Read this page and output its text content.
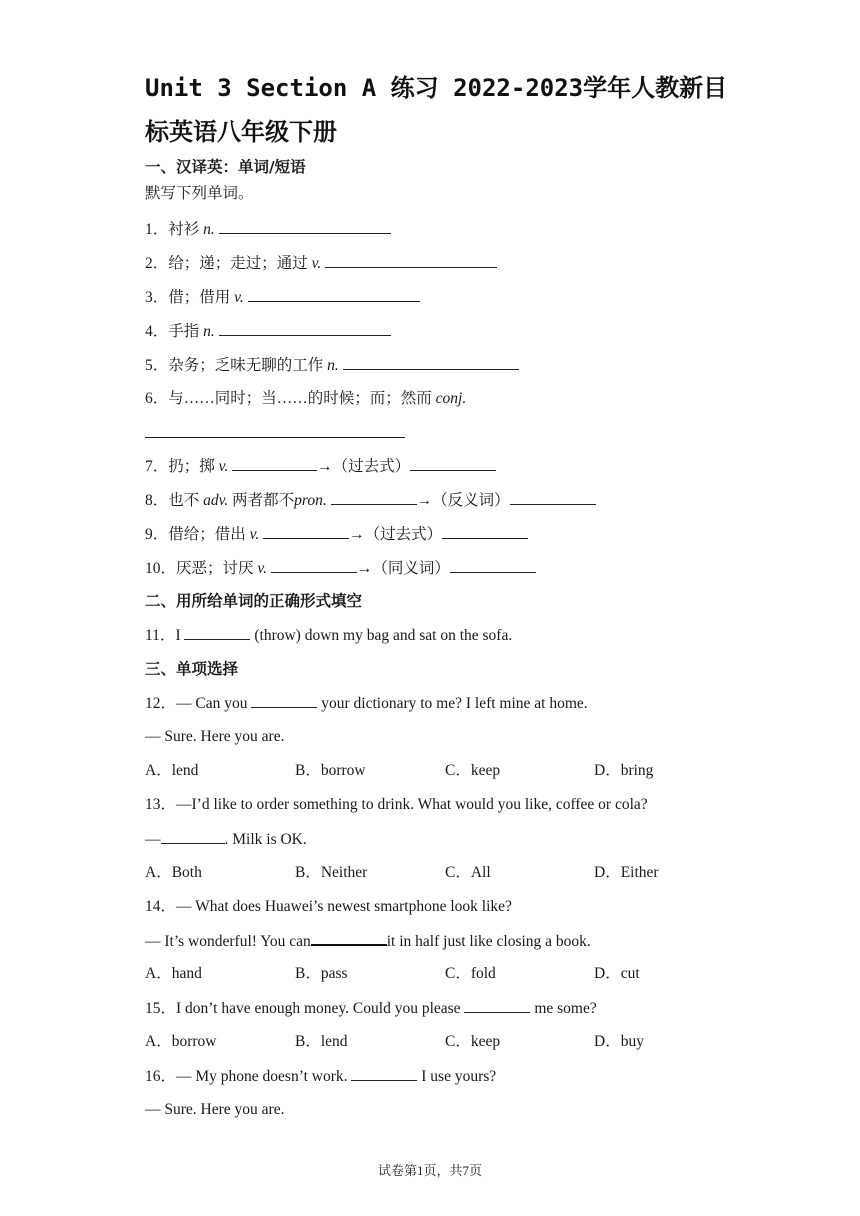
Unit 3 Section A 练习 2022-2023学年人教新目
标英语八年级下册
一、汉译英：单词/短语
默写下列单词。
1．衬衫 n.
2．给；递；走过；通过 v.
3．借；借用 v.
4．手指 n.
5．杂务；乏味无聊的工作 n.
6．与……同时；当……的时候；而；然而 conj.
7．扔；掷 v.	→（过去式）
8．也不 adv. 两者都不pron.	→（反义词）
9．借给；借出 v.	→（过去式）
10．厌恶；讨厌 v.	→（同义词）
二、用所给单词的正确形式填空
11．I	(throw) down my bag and sat on the sofa.
三、单项选择
12．— Can you	your dictionary to me? I left mine at home.
— Sure. Here you are.
A．lend	B．borrow	C．keep	D．bring
13．—I’d like to order something to drink. What would you like, coffee or cola?
—	. Milk is OK.
A．Both	B．Neither	C．All	D．Either
14．— What does Huawei’s newest smartphone look like?
— It’s wonderful! You can	it in half just like closing a book.
A．hand	B．pass	C．fold	D．cut
15．I don’t have enough money. Could you please	me some?
A．borrow	B．lend	C．keep	D．buy
16．— My phone doesn’t work.	I use yours?
— Sure. Here you are.
试卷第1页，共7页
